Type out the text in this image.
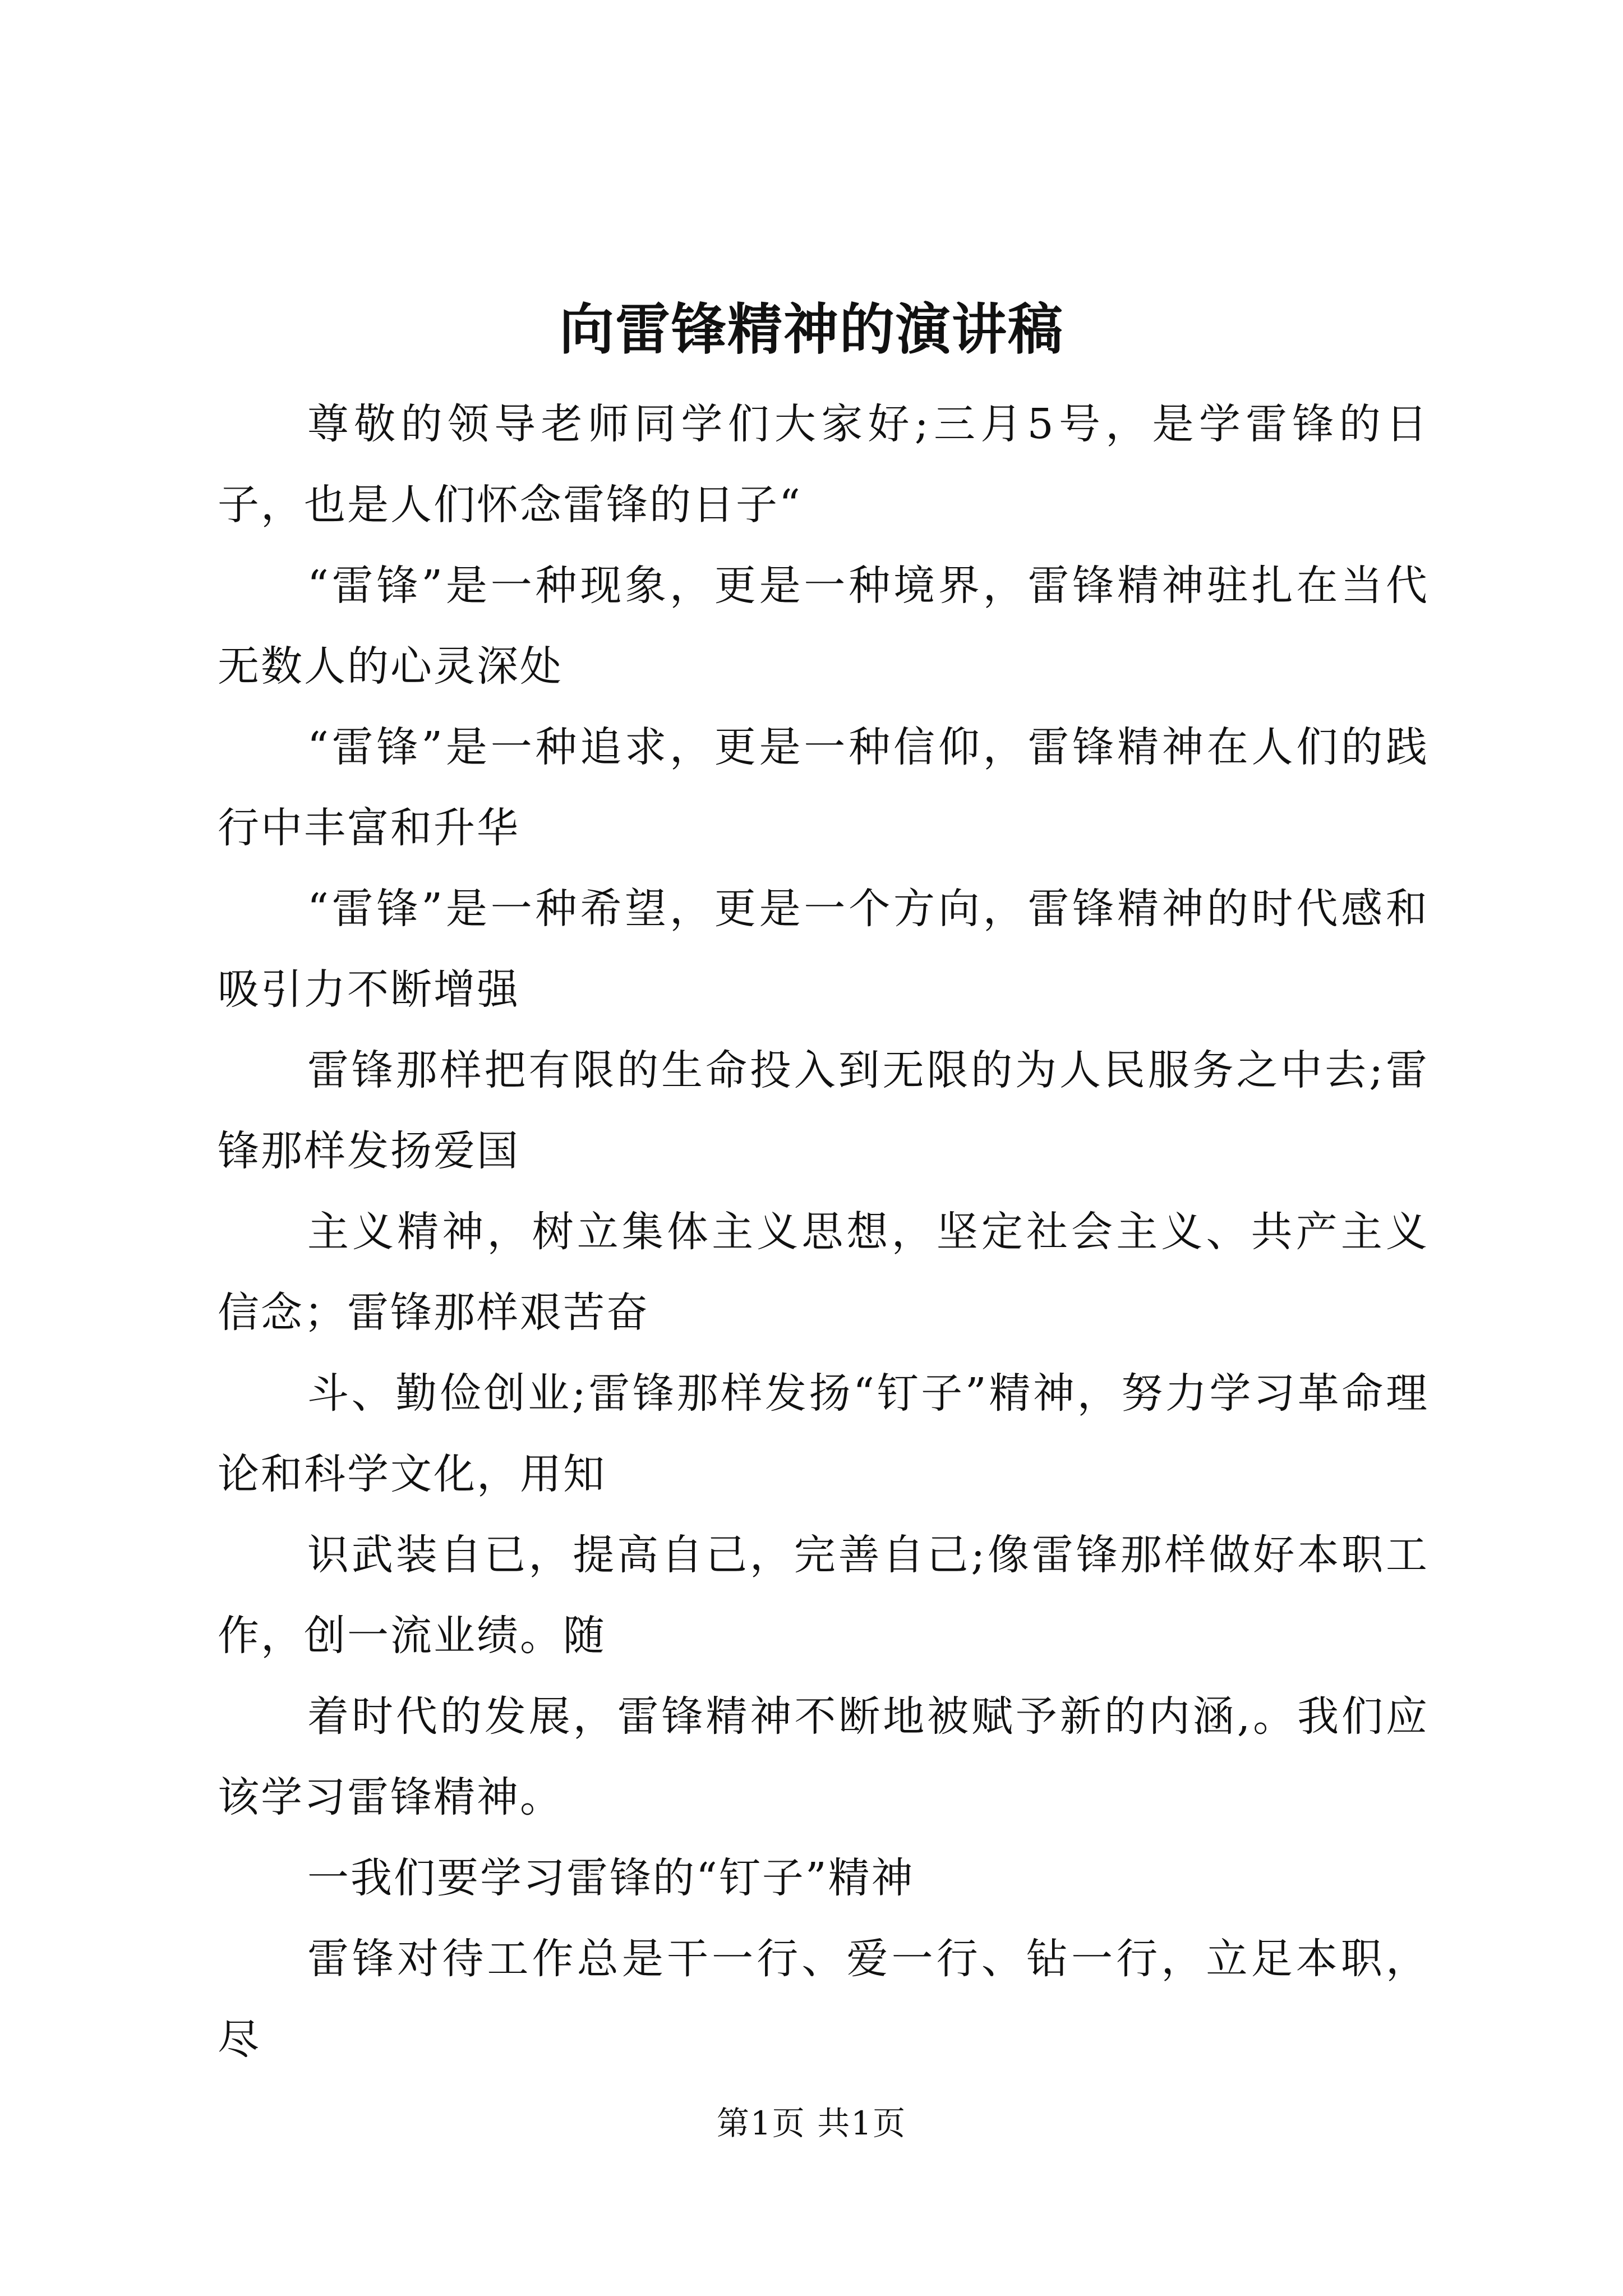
向雷锋精神的演讲稿

尊敬的领导老师同学们大家好;三月5号，是学雷锋的日子，也是人们怀念雷锋的日子“

“雷锋”是一种现象，更是一种境界，雷锋精神驻扎在当代无数人的心灵深处

“雷锋”是一种追求，更是一种信仰，雷锋精神在人们的践行中丰富和升华

“雷锋”是一种希望，更是一个方向，雷锋精神的时代感和吸引力不断增强

雷锋那样把有限的生命投入到无限的为人民服务之中去;雷锋那样发扬爱国

主义精神，树立集体主义思想，坚定社会主义、共产主义信念；雷锋那样艰苦奋

斗、勤俭创业;雷锋那样发扬“钉子”精神，努力学习革命理论和科学文化，用知

识武装自已，提高自己，完善自己;像雷锋那样做好本职工作，创一流业绩。随

着时代的发展，雷锋精神不断地被赋予新的内涵,。我们应该学习雷锋精神。

一我们要学习雷锋的“钉子”精神

雷锋对待工作总是干一行、爱一行、钻一行，立足本职，尽

第1页 共1页
